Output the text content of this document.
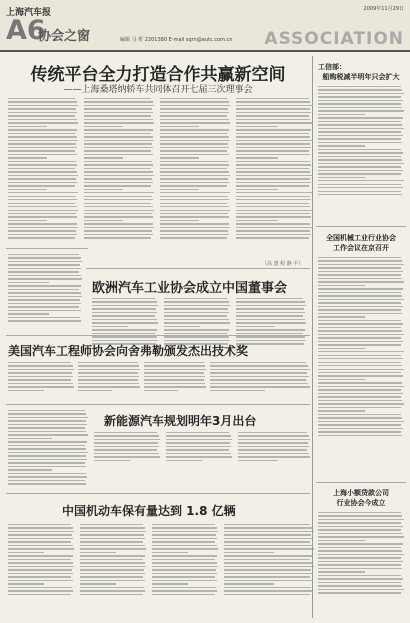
上海汽车报
A6
协会之窗	编辑 马 忻 2201380 E-mail sqrn@autc.com.cn
2009年11月29日
ASSOCIATION
传统平台全力打造合作共赢新空间
——上海桑塔纳轿车共同体召开七届三次理事会
（高 建 程 静 平）
欧洲汽车工业协会成立中国董事会
美国汽车工程师协会向舍弗勒颁发杰出技术奖
新能源汽车规划明年3月出台
中国机动车保有量达到 1.8 亿辆
工信部：
船购税减半明年只会扩大
全国机械工业行业协会
工作会议在京召开
上海小额贷款公司
行业协会今成立
